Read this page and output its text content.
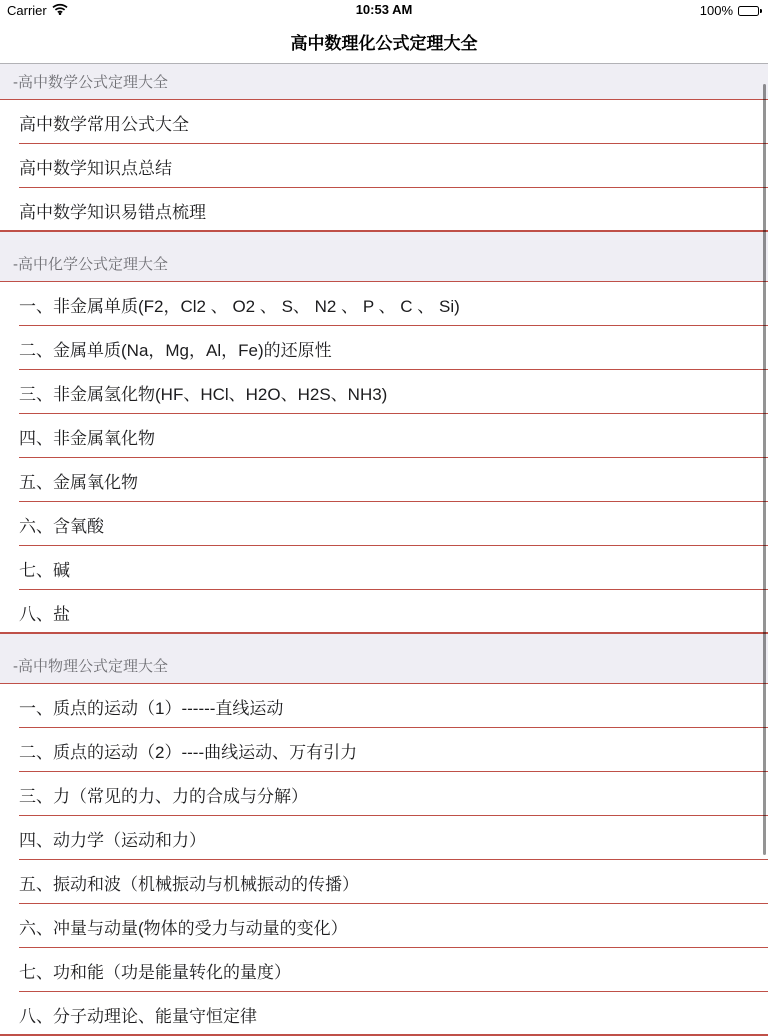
Carrier	10:53 AM	100%
高中数理化公式定理大全
-高中数学公式定理大全
高中数学常用公式大全
高中数学知识点总结
高中数学知识易错点梳理
-高中化学公式定理大全
一、非金属单质(F2，Cl2 、 O2 、 S、 N2 、 P 、 C 、 Si)
二、金属单质(Na，Mg，Al，Fe)的还原性
三、非金属氢化物(HF、HCl、H2O、H2S、NH3)
四、非金属氧化物
五、金属氧化物
六、含氧酸
七、碱
八、盐
-高中物理公式定理大全
一、质点的运动（1）------直线运动
二、质点的运动（2）----曲线运动、万有引力
三、力（常见的力、力的合成与分解）
四、动力学（运动和力）
五、振动和波（机械振动与机械振动的传播）
六、冲量与动量(物体的受力与动量的变化）
七、功和能（功是能量转化的量度）
八、分子动理论、能量守恒定律
